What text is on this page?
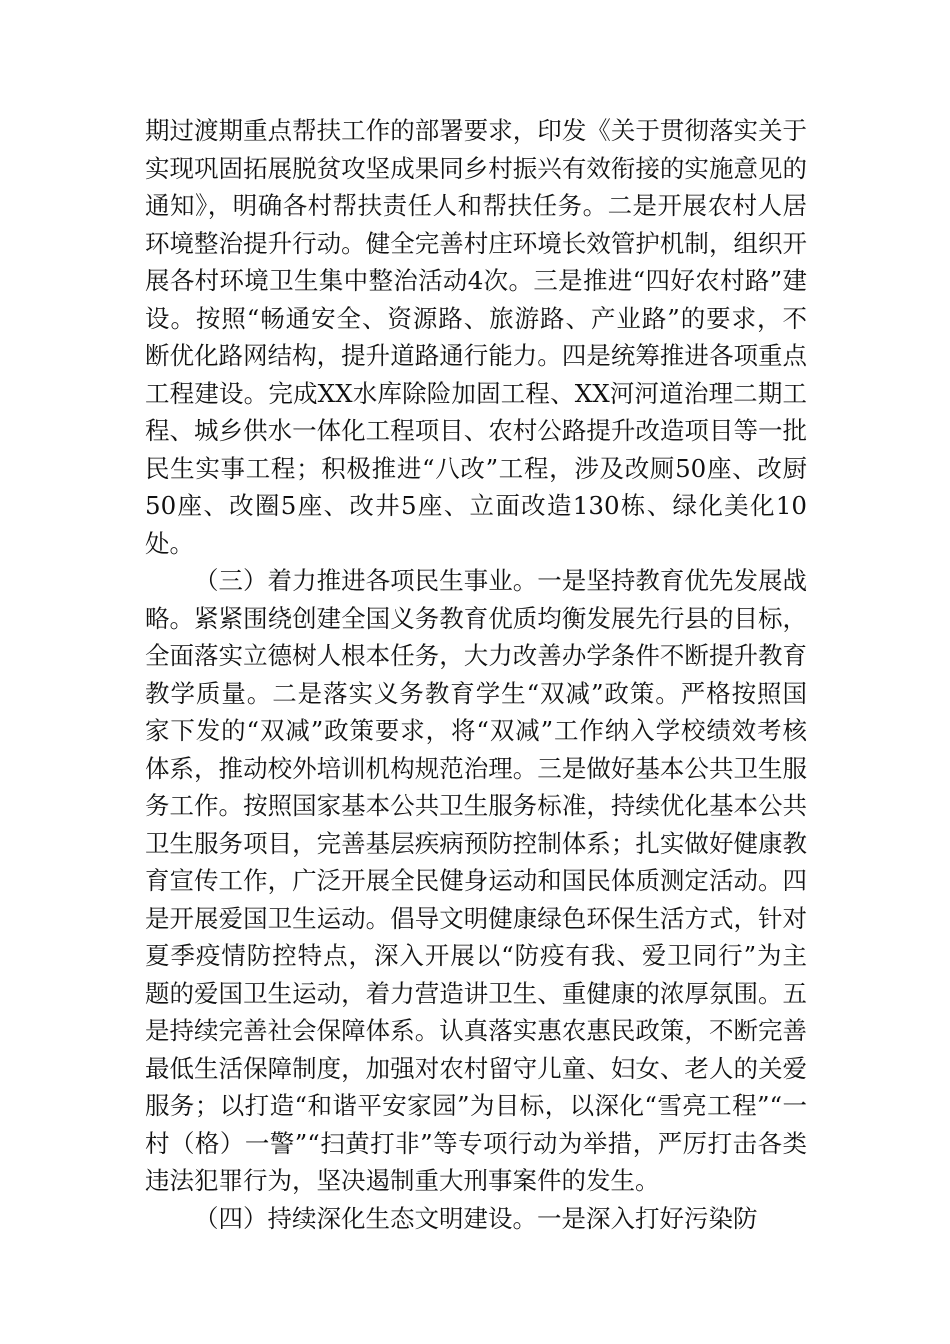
期过渡期重点帮扶工作的部署要求，印发《关于贯彻落实关于实现巩固拓展脱贫攻坚成果同乡村振兴有效衔接的实施意见的通知》，明确各村帮扶责任人和帮扶任务。二是开展农村人居环境整治提升行动。健全完善村庄环境长效管护机制，组织开展各村环境卫生集中整治活动4次。三是推进“四好农村路”建设。按照“畅通安全、资源路、旅游路、产业路”的要求，不断优化路网结构，提升道路通行能力。四是统筹推进各项重点工程建设。完成XX水库除险加固工程、XX河河道治理二期工程、城乡供水一体化工程项目、农村公路提升改造项目等一批民生实事工程；积极推进“八改”工程，涉及改厕50座、改厨50座、改圈5座、改井5座、立面改造130栋、绿化美化10处。

（三）着力推进各项民生事业。一是坚持教育优先发展战略。紧紧围绕创建全国义务教育优质均衡发展先行县的目标，全面落实立德树人根本任务，大力改善办学条件不断提升教育教学质量。二是落实义务教育学生“双减”政策。严格按照国家下发的“双减”政策要求，将“双减”工作纳入学校绩效考核体系，推动校外培训机构规范治理。三是做好基本公共卫生服务工作。按照国家基本公共卫生服务标准，持续优化基本公共卫生服务项目，完善基层疾病预防控制体系；扎实做好健康教育宣传工作，广泛开展全民健身运动和国民体质测定活动。四是开展爱国卫生运动。倡导文明健康绿色环保生活方式，针对夏季疫情防控特点，深入开展以“防疫有我、爱卫同行”为主题的爱国卫生运动，着力营造讲卫生、重健康的浓厚氛围。五是持续完善社会保障体系。认真落实惠农惠民政策，不断完善最低生活保障制度，加强对农村留守儿童、妇女、老人的关爱服务；以打造“和谐平安家园”为目标，以深化“雪亮工程”“一村（格）一警”“扫黄打非”等专项行动为举措，严厉打击各类违法犯罪行为，坚决遏制重大刑事案件的发生。

（四）持续深化生态文明建设。一是深入打好污染防
